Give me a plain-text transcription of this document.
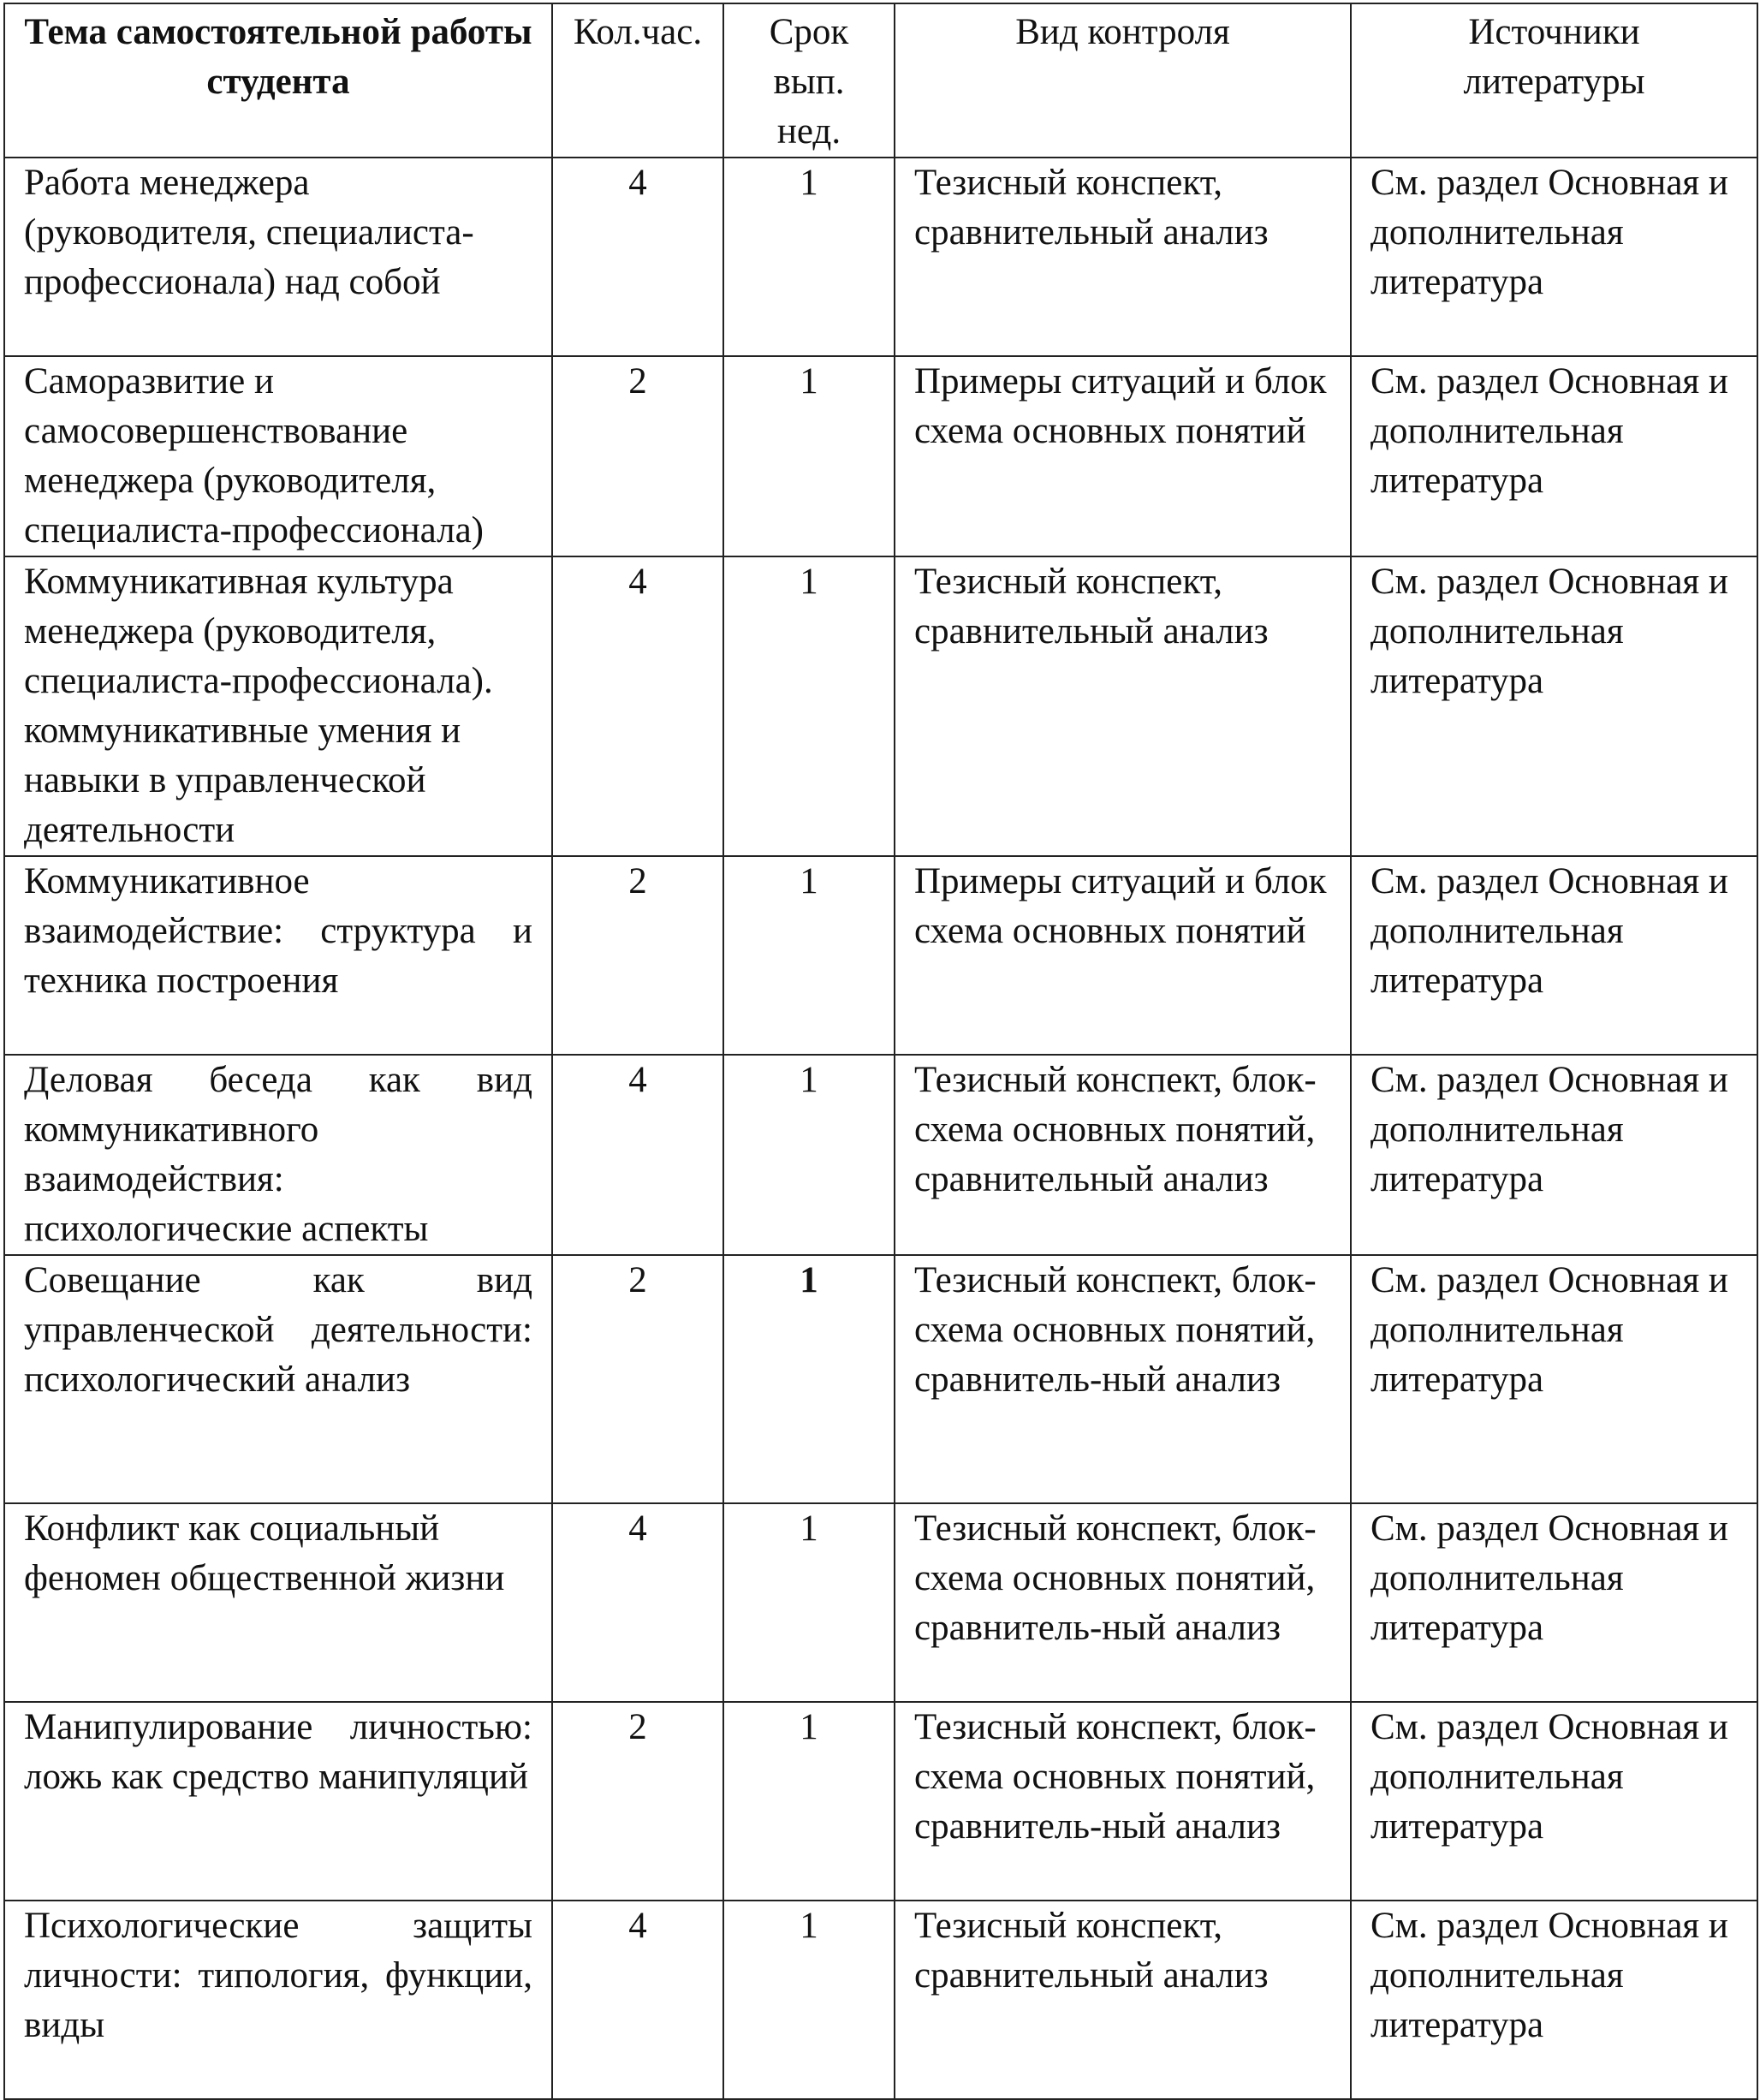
Тема самостоятельной работы студента	Кол.час.	Срок вып. нед.	Вид контроля	Источники литературы
Работа менеджера (руководителя, специалиста-профессионала) над собой	4	1	Тезисный конспект, сравнительный анализ	См. раздел Основная и дополнительная литература
Саморазвитие и самосовершенствование менеджера (руководителя, специалиста-профессионала)	2	1	Примеры ситуаций и блок схема основных понятий	См. раздел Основная и дополнительная литература
Коммуникативная культура менеджера (руководителя, специалиста-профессионала). коммуникативные умения и навыки в управленческой деятельности	4	1	Тезисный конспект, сравнительный анализ	См. раздел Основная и дополнительная литература
Коммуникативное взаимодействие: структура и техника построения	2	1	Примеры ситуаций и блок схема основных понятий	См. раздел Основная и дополнительная литература
Деловая беседа как вид коммуникативного взаимодействия: психологические аспекты	4	1	Тезисный конспект, блок-схема основных понятий, сравнительный анализ	См. раздел Основная и дополнительная литература
Совещание как вид управленческой деятельности: психологический анализ	2	1	Тезисный конспект, блок-схема основных понятий, сравнитель-ный анализ	См. раздел Основная и дополнительная литература
Конфликт как социальный феномен общественной жизни	4	1	Тезисный конспект, блок-схема основных понятий, сравнитель-ный анализ	См. раздел Основная и дополнительная литература
Манипулирование личностью: ложь как средство манипуляций	2	1	Тезисный конспект, блок-схема основных понятий, сравнитель-ный анализ	См. раздел Основная и дополнительная литература
Психологические защиты личности: типология, функции, виды	4	1	Тезисный конспект, сравнительный анализ	См. раздел Основная и дополнительная литература
